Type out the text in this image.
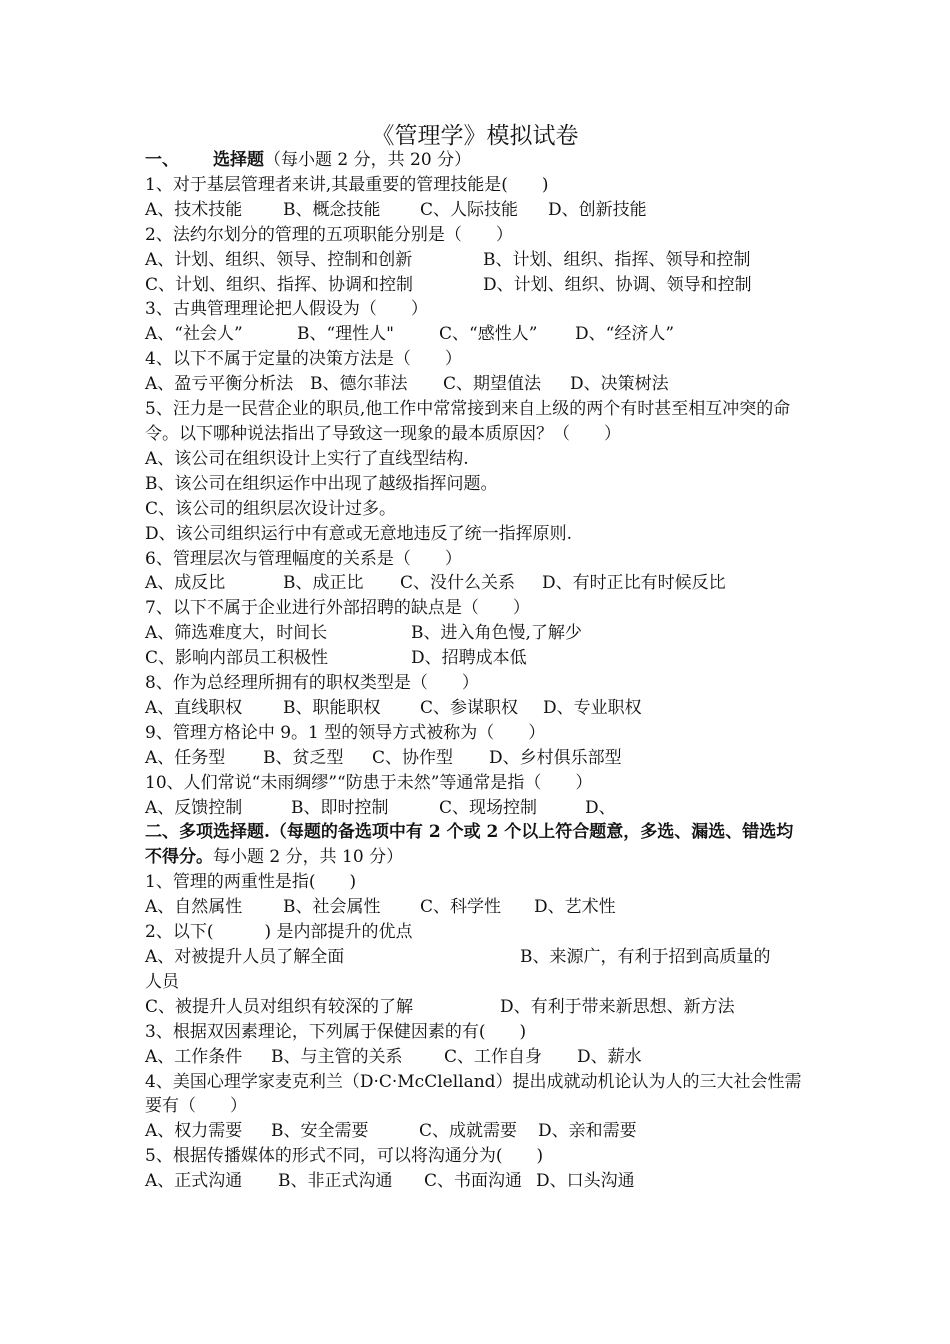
《管理学》模拟试卷
一、 选择题（每小题 2 分，共 20 分）
1、对于基层管理者来讲,其最重要的管理技能是(　　)
A、技术技能 B、概念技能 C、人际技能 D、创新技能
2、法约尔划分的管理的五项职能分别是（　　）
A、计划、组织、领导、控制和创新	B、计划、组织、指挥、领导和控制
C、计划、组织、指挥、协调和控制	D、计划、组织、协调、领导和控制
3、古典管理理论把人假设为（　　）
A、“社会人”	B、“理性人"	C、“感性人” D、“经济人”
4、以下不属于定量的决策方法是（　　）
A、盈亏平衡分析法 B、德尔菲法 C、期望值法 D、决策树法
5、汪力是一民营企业的职员,他工作中常常接到来自上级的两个有时甚至相互冲突的命令。以下哪种说法指出了导致这一现象的最本质原因？（　　）
A、该公司在组织设计上实行了直线型结构.
B、该公司在组织运作中出现了越级指挥问题。
C、该公司的组织层次设计过多。
D、该公司组织运行中有意或无意地违反了统一指挥原则.
6、管理层次与管理幅度的关系是（　　）
A、成反比	B、成正比 C、没什么关系 D、有时正比有时候反比
7、以下不属于企业进行外部招聘的缺点是（　　）
A、筛选难度大，时间长	B、进入角色慢,了解少
C、影响内部员工积极性	D、招聘成本低
8、作为总经理所拥有的职权类型是（　　）
A、直线职权 B、职能职权 C、参谋职权 D、专业职权
9、管理方格论中 9。1 型的领导方式被称为（　　）
A、任务型 B、贫乏型 C、协作型 D、乡村俱乐部型
10、人们常说“未雨绸缪”“防患于未然”等通常是指（　　）
A、反馈控制	B、即时控制	C、现场控制	D、
二、多项选择题.（每题的备选项中有 2 个或 2 个以上符合题意，多选、漏选、错选均不得分。每小题 2 分，共 10 分）
1、管理的两重性是指(　　)
A、自然属性 B、社会属性 C、科学性 D、艺术性
2、以下(　　　) 是内部提升的优点
A、对被提升人员了解全面	B、来源广，有利于招到高质量的
人员
C、被提升人员对组织有较深的了解	D、有利于带来新思想、新方法
3、根据双因素理论，下列属于保健因素的有(　　)
A、工作条件 B、与主管的关系 C、工作自身 D、薪水
4、美国心理学家麦克利兰（D·C·McClelland）提出成就动机论认为人的三大社会性需要有（　　）
A、权力需要 B、安全需要	C、成就需要 D、亲和需要
5、根据传播媒体的形式不同，可以将沟通分为(　　)
A、正式沟通 B、非正式沟通 C、书面沟通 D、口头沟通
